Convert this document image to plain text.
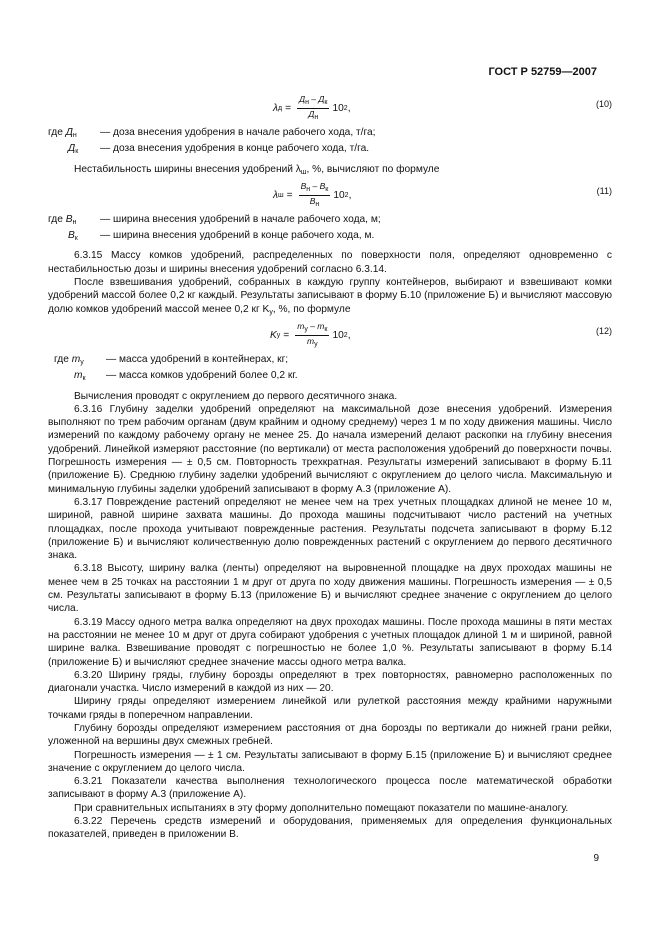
ГОСТ Р 52759—2007
λ $д = \frac{Д_н - Д_к}{Д_н} 10$ 2 ,	(10)
где $Д_н$	— доза внесения удобрения в начале рабочего хода, т/га;
$Д_к$	— доза внесения удобрения в конце рабочего хода, т/га.

Нестабильность ширины внесения удобрений $\lambda_ш$, %, вычисляют по формуле

λ $ш = \frac{В_н - В_к}{В_н} 10$ 2 ,	(11)
где $В_н$	— ширина внесения удобрений в начале рабочего хода, м;
$В_к$	— ширина внесения удобрений в конце рабочего хода, м.

6.3.15 Массу комков удобрений, распределенных по поверхности поля, определяют одновременно с нестабильностью дозы и ширины внесения удобрений согласно 6.3.14.

После взвешивания удобрений, собранных в каждую группу контейнеров, выбирают и взвешивают комки удобрений массой более 0,2 кг каждый. Результаты записывают в форму Б.10 (приложение Б) и вычисляют массовую долю комков удобрений массой менее 0,2 кг $K_у$, %, по формуле

K $у = \frac{m_у - m_к}{m_у} 10$ 2 ,	(12)
где $m_у$	— масса удобрений в контейнерах, кг;
$m_к$	— масса комков удобрений более 0,2 кг.

Вычисления проводят с округлением до первого десятичного знака.

6.3.16 Глубину заделки удобрений определяют на максимальной дозе внесения удобрений. Измерения выполняют по трем рабочим органам (двум крайним и одному среднему) через 1 м по ходу движения машины. Число измерений по каждому рабочему органу не менее 25. До начала измерений делают раскопки на глубину внесения удобрений. Линейкой измеряют расстояние (по вертикали) от места расположения удобрений до поверхности почвы. Погрешность измерения — ± 0,5 см. Повторность трехкратная. Результаты измерений записывают в форму Б.11 (приложение Б). Среднюю глубину заделки удобрений вычисляют с округлением до целого числа. Максимальную и минимальную глубины заделки удобрений записывают в форму А.3 (приложение А).

6.3.17 Повреждение растений определяют не менее чем на трех учетных площадках длиной не менее 10 м, шириной, равной ширине захвата машины. До прохода машины подсчитывают число растений на учетных площадках, после прохода учитывают поврежденные растения. Результаты подсчета записывают в форму Б.12 (приложение Б) и вычисляют количественную долю поврежденных растений с округлением до первого десятичного знака.

6.3.18 Высоту, ширину валка (ленты) определяют на выровненной площадке на двух проходах машины не менее чем в 25 точках на расстоянии 1 м друг от друга по ходу движения машины. Погрешность измерения — ± 0,5 см. Результаты записывают в форму Б.13 (приложение Б) и вычисляют среднее значение с округлением до целого числа.

6.3.19 Массу одного метра валка определяют на двух проходах машины. После прохода машины в пяти местах на расстоянии не менее 10 м друг от друга собирают удобрения с учетных площадок длиной 1 м и шириной, равной ширине валка. Взвешивание проводят с погрешностью не более 1,0 %. Результаты записывают в форму Б.14 (приложение Б) и вычисляют среднее значение массы одного метра валка.

6.3.20 Ширину гряды, глубину борозды определяют в трех повторностях, равномерно расположенных по диагонали участка. Число измерений в каждой из них — 20.

Ширину гряды определяют измерением линейкой или рулеткой расстояния между крайними наружными точками гряды в поперечном направлении.

Глубину борозды определяют измерением расстояния от дна борозды по вертикали до нижней грани рейки, уложенной на вершины двух смежных гребней.

Погрешность измерения — ± 1 см. Результаты записывают в форму Б.15 (приложение Б) и вычисляют среднее значение с округлением до целого числа.

6.3.21 Показатели качества выполнения технологического процесса после математической обработки записывают в форму А.3 (приложение А).

При сравнительных испытаниях в эту форму дополнительно помещают показатели по машине-аналогу.

6.3.22 Перечень средств измерений и оборудования, применяемых для определения функциональных показателей, приведен в приложении В.

9
